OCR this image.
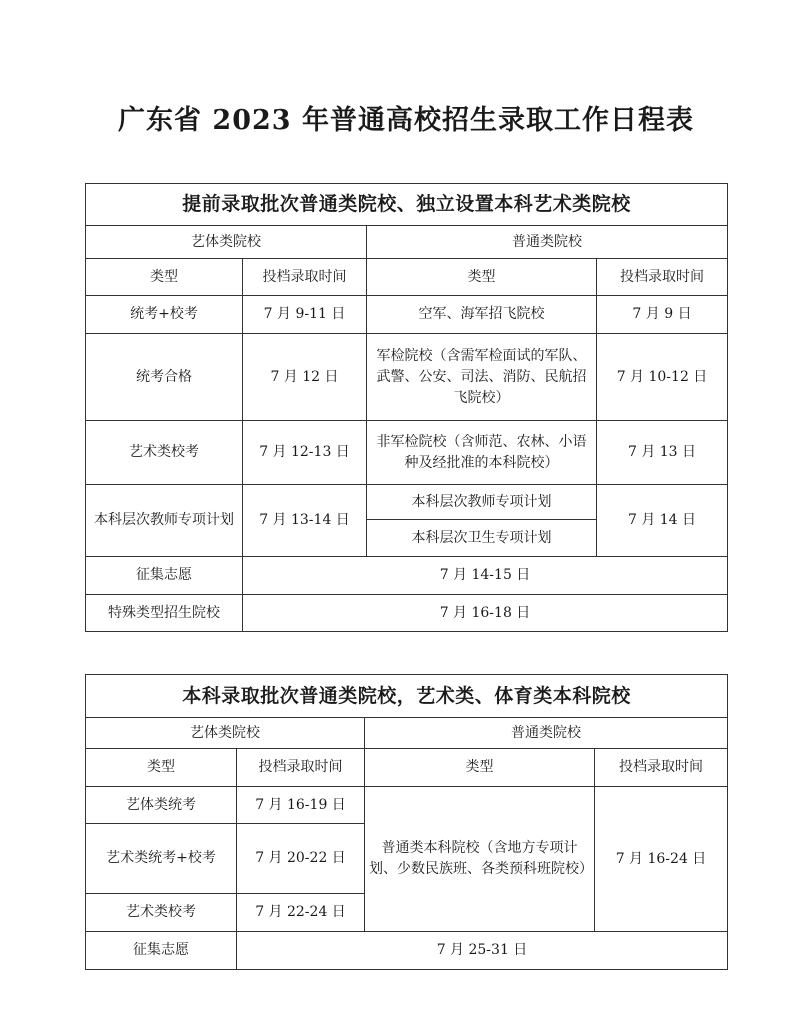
广东省 2023 年普通高校招生录取工作日程表
提前录取批次普通类院校、独立设置本科艺术类院校			
艺体类院校		普通类院校	
类型	投档录取时间	类型	投档录取时间
统考+校考	7 月 9-11 日	空军、海军招飞院校	7 月 9 日
统考合格	7 月 12 日	军检院校（含需军检面试的军队、武警、公安、司法、消防、民航招飞院校）	7 月 10-12 日
艺术类校考	7 月 12-13 日	非军检院校（含师范、农林、小语种及经批准的本科院校）	7 月 13 日
本科层次教师专项计划	7 月 13-14 日	本科层次教师专项计划	7 月 14 日
		本科层次卫生专项计划	
征集志愿	7 月 14-15 日		
特殊类型招生院校	7 月 16-18 日		
本科录取批次普通类院校，艺术类、体育类本科院校			
艺体类院校		普通类院校	
类型	投档录取时间	类型	投档录取时间
艺体类统考	7 月 16-19 日	普通类本科院校（含地方专项计划、少数民族班、各类预科班院校）	7 月 16-24 日
艺术类统考+校考	7 月 20-22 日		
艺术类校考	7 月 22-24 日		
征集志愿	7 月 25-31 日		
